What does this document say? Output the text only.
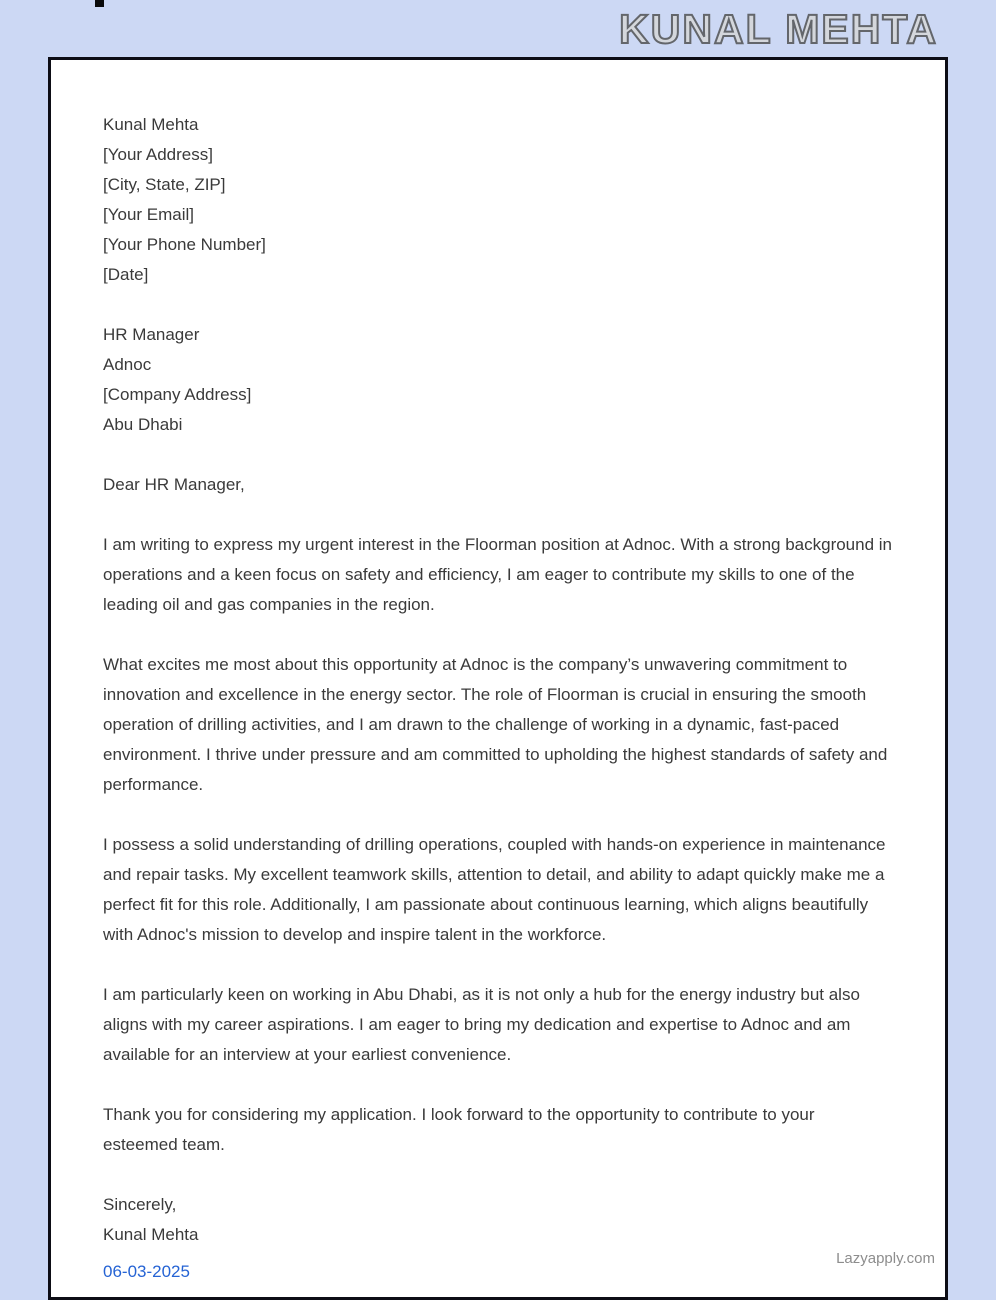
KUNAL MEHTA
Kunal Mehta
[Your Address]
[City, State, ZIP]
[Your Email]
[Your Phone Number]
[Date]
HR Manager
Adnoc
[Company Address]
Abu Dhabi

Dear HR Manager,

I am writing to express my urgent interest in the Floorman position at Adnoc. With a strong background in operations and a keen focus on safety and efficiency, I am eager to contribute my skills to one of the leading oil and gas companies in the region.

What excites me most about this opportunity at Adnoc is the company’s unwavering commitment to innovation and excellence in the energy sector. The role of Floorman is crucial in ensuring the smooth operation of drilling activities, and I am drawn to the challenge of working in a dynamic, fast-paced environment. I thrive under pressure and am committed to upholding the highest standards of safety and performance.

I possess a solid understanding of drilling operations, coupled with hands-on experience in maintenance and repair tasks. My excellent teamwork skills, attention to detail, and ability to adapt quickly make me a perfect fit for this role. Additionally, I am passionate about continuous learning, which aligns beautifully with Adnoc's mission to develop and inspire talent in the workforce.

I am particularly keen on working in Abu Dhabi, as it is not only a hub for the energy industry but also aligns with my career aspirations. I am eager to bring my dedication and expertise to Adnoc and am available for an interview at your earliest convenience.

Thank you for considering my application. I look forward to the opportunity to contribute to your esteemed team.

Sincerely,
Kunal Mehta
06-03-2025
Lazyapply.com
